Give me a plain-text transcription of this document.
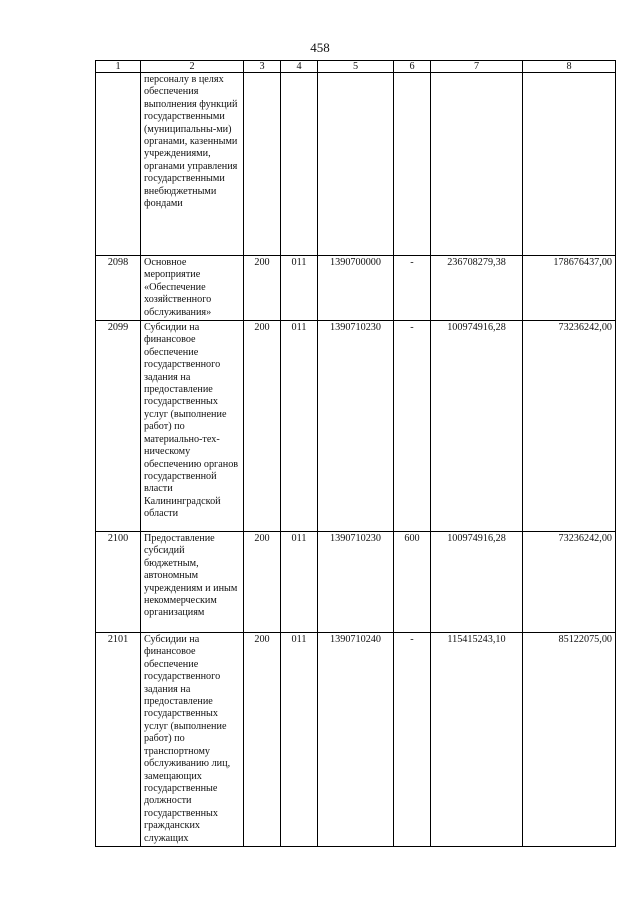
458
1	2	3	4	5	6	7	8
	персоналу в целях обеспечения выполнения функций государственными (муниципальны-ми) органами, казенными учреждениями, органами управления государственными внебюджетными фондами						
2098	Основное мероприятие «Обеспечение хозяйственного обслуживания»	200	011	1390700000	-	236708279,38	178676437,00
2099	Субсидии на финансовое обеспечение государственного задания на предоставление государственных услуг (выполнение работ) по материально-тех-ническому обеспечению органов государственной власти Калининградской области	200	011	1390710230	-	100974916,28	73236242,00
2100	Предоставление субсидий бюджетным, автономным учреждениям и иным некоммерческим организациям	200	011	1390710230	600	100974916,28	73236242,00
2101	Субсидии на финансовое обеспечение государственного задания на предоставление государственных услуг (выполнение работ) по транспортному обслуживанию лиц, замещающих государственные должности государственных гражданских служащих	200	011	1390710240	-	115415243,10	85122075,00
